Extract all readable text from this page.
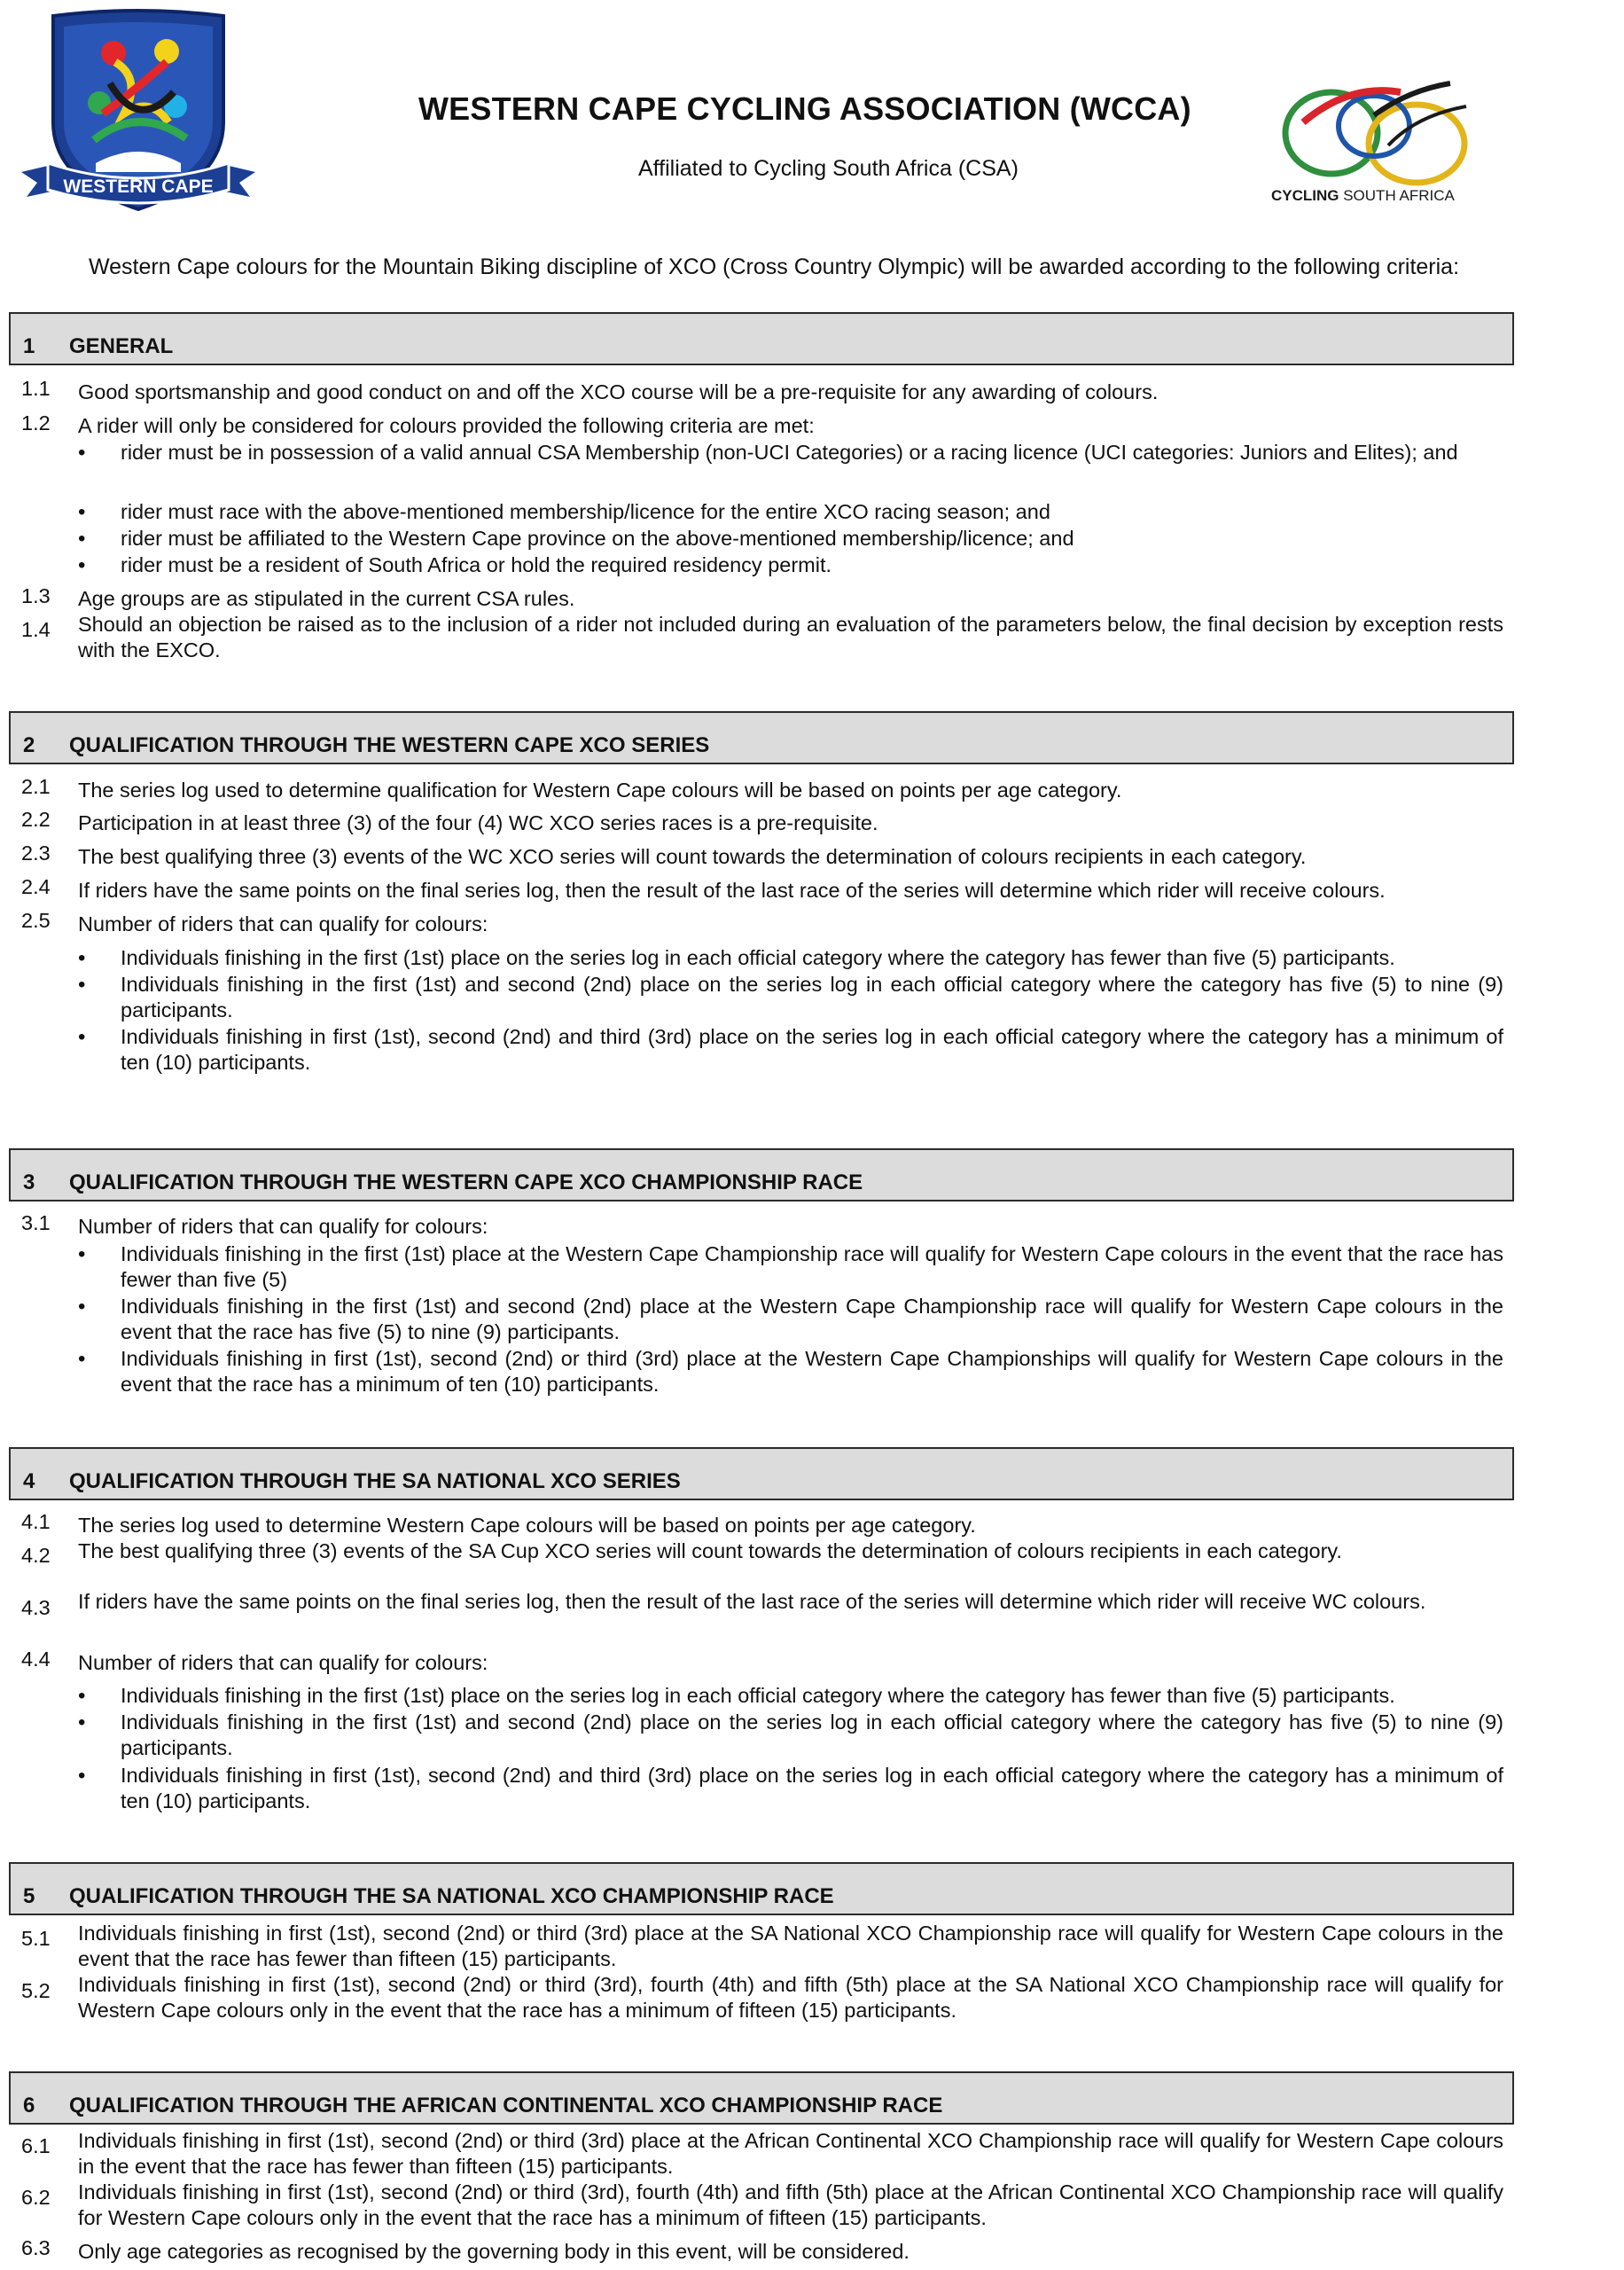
WESTERN CAPE
WESTERN CAPE CYCLING ASSOCIATION (WCCA)
Affiliated to Cycling South Africa (CSA)
CYCLING SOUTH AFRICA
Western Cape colours for the Mountain Biking discipline of XCO (Cross Country Olympic) will be awarded according to the following criteria:
1 GENERAL
1.1 Good sportsmanship and good conduct on and off the XCO course will be a pre-requisite for any awarding of colours.

1.2 A rider will only be considered for colours provided the following criteria are met:

• rider must be in possession of a valid annual CSA Membership (non-UCI Categories) or a racing licence (UCI categories: Juniors and Elites); and

• rider must race with the above-mentioned membership/licence for the entire XCO racing season; and

• rider must be affiliated to the Western Cape province on the above-mentioned membership/licence; and

• rider must be a resident of South Africa or hold the required residency permit.

1.3 Age groups are as stipulated in the current CSA rules.

1.4 Should an objection be raised as to the inclusion of a rider not included during an evaluation of the parameters below, the final decision by exception rests with the EXCO.

2 QUALIFICATION THROUGH THE WESTERN CAPE XCO SERIES
2.1 The series log used to determine qualification for Western Cape colours will be based on points per age category.

2.2 Participation in at least three (3) of the four (4) WC XCO series races is a pre-requisite.

2.3 The best qualifying three (3) events of the WC XCO series will count towards the determination of colours recipients in each category.

2.4 If riders have the same points on the final series log, then the result of the last race of the series will determine which rider will receive colours.

2.5 Number of riders that can qualify for colours:

• Individuals finishing in the first (1st) place on the series log in each official category where the category has fewer than five (5) participants.

• Individuals finishing in the first (1st) and second (2nd) place on the series log in each official category where the category has five (5) to nine (9) participants.

• Individuals finishing in first (1st), second (2nd) and third (3rd) place on the series log in each official category where the category has a minimum of ten (10) participants.

3 QUALIFICATION THROUGH THE WESTERN CAPE XCO CHAMPIONSHIP RACE
3.1 Number of riders that can qualify for colours:

• Individuals finishing in the first (1st) place at the Western Cape Championship race will qualify for Western Cape colours in the event that the race has fewer than five (5)

• Individuals finishing in the first (1st) and second (2nd) place at the Western Cape Championship race will qualify for Western Cape colours in the event that the race has five (5) to nine (9) participants.

• Individuals finishing in first (1st), second (2nd) or third (3rd) place at the Western Cape Championships will qualify for Western Cape colours in the event that the race has a minimum of ten (10) participants.

4 QUALIFICATION THROUGH THE SA NATIONAL XCO SERIES
4.1 The series log used to determine Western Cape colours will be based on points per age category.

4.2 The best qualifying three (3) events of the SA Cup XCO series will count towards the determination of colours recipients in each category.

4.3 If riders have the same points on the final series log, then the result of the last race of the series will determine which rider will receive WC colours.

4.4 Number of riders that can qualify for colours:

• Individuals finishing in the first (1st) place on the series log in each official category where the category has fewer than five (5) participants.

• Individuals finishing in the first (1st) and second (2nd) place on the series log in each official category where the category has five (5) to nine (9) participants.

• Individuals finishing in first (1st), second (2nd) and third (3rd) place on the series log in each official category where the category has a minimum of ten (10) participants.

5 QUALIFICATION THROUGH THE SA NATIONAL XCO CHAMPIONSHIP RACE
5.1 Individuals finishing in first (1st), second (2nd) or third (3rd) place at the SA National XCO Championship race will qualify for Western Cape colours in the event that the race has fewer than fifteen (15) participants.

5.2 Individuals finishing in first (1st), second (2nd) or third (3rd), fourth (4th) and fifth (5th) place at the SA National XCO Championship race will qualify for Western Cape colours only in the event that the race has a minimum of fifteen (15) participants.

6 QUALIFICATION THROUGH THE AFRICAN CONTINENTAL XCO CHAMPIONSHIP RACE
6.1 Individuals finishing in first (1st), second (2nd) or third (3rd) place at the African Continental XCO Championship race will qualify for Western Cape colours in the event that the race has fewer than fifteen (15) participants.

6.2 Individuals finishing in first (1st), second (2nd) or third (3rd), fourth (4th) and fifth (5th) place at the African Continental XCO Championship race will qualify for Western Cape colours only in the event that the race has a minimum of fifteen (15) participants.

6.3 Only age categories as recognised by the governing body in this event, will be considered.
